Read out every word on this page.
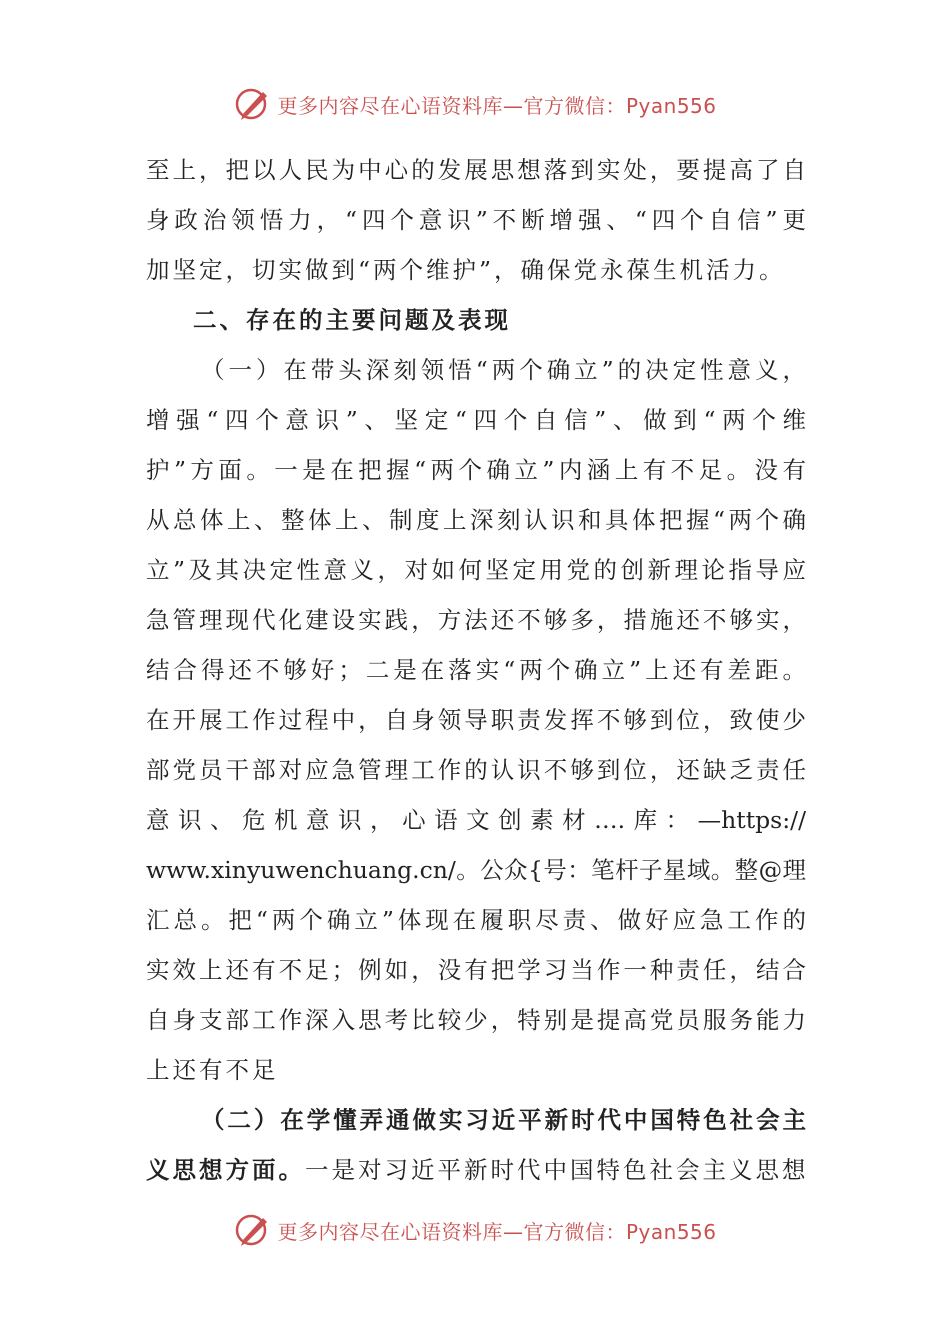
更多内容尽在心语资料库—官方微信：Pyan556
至上，把以人民为中心的发展思想落到实处，要提高了自
身政治领悟力，“四个意识”不断增强、“四个自信”更
加坚定，切实做到“两个维护”，确保党永葆生机活力。
二、存在的主要问题及表现
（一）在带头深刻领悟“两个确立”的决定性意义，
增强“四个意识”、坚定“四个自信”、做到“两个维
护”方面。一是在把握“两个确立”内涵上有不足。没有
从总体上、整体上、制度上深刻认识和具体把握“两个确
立”及其决定性意义，对如何坚定用党的创新理论指导应
急管理现代化建设实践，方法还不够多，措施还不够实，
结合得还不够好；二是在落实“两个确立”上还有差距。
在开展工作过程中，自身领导职责发挥不够到位，致使少
部党员干部对应急管理工作的认识不够到位，还缺乏责任
意识、危机意识，心语文创素材….库：—https://
www.xinyuwenchuang.cn/。公众{号：笔杆子星域。整@理
汇总。把“两个确立”体现在履职尽责、做好应急工作的
实效上还有不足；例如，没有把学习当作一种责任，结合
自身支部工作深入思考比较少，特别是提高党员服务能力
上还有不足
（二）在学懂弄通做实习近平新时代中国特色社会主
义思想方面。一是对习近平新时代中国特色社会主义思想
更多内容尽在心语资料库—官方微信：Pyan556
